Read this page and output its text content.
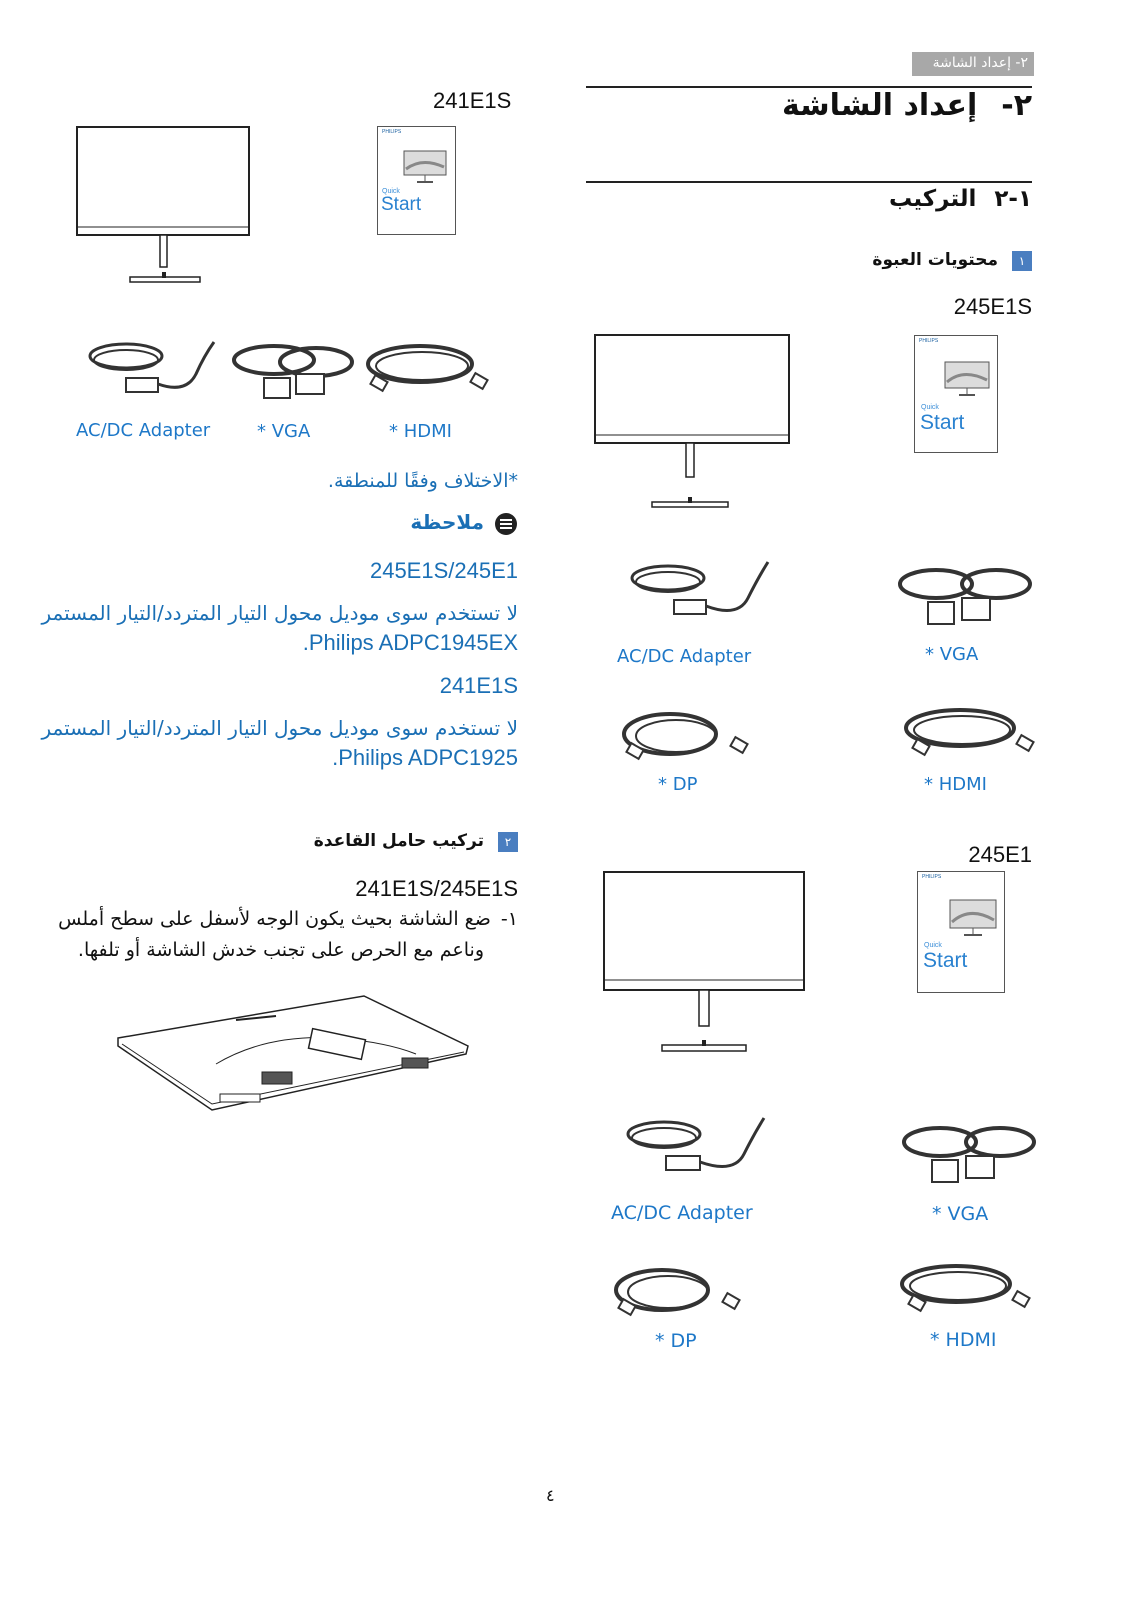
٢- إعداد الشاشة
٢-إعداد الشاشة
١-٢التركيب
١
محتويات العبوة
245E1S
PHILIPS
Quick
Start
AC/DC Adapter	* VGA
* DP	* HDMI
245E1
PHILIPS
Quick
Start
AC/DC Adapter	* VGA
* DP	* HDMI
241E1S
PHILIPS
Quick
Start
AC/DC Adapter	* VGA	* HDMI
*الاختلاف وفقًا للمنطقة.
ملاحظة
245E1S/245E1
لا تستخدم سوى موديل محول التيار المتردد/التيار المستمر
.Philips ADPC1945EX
241E1S
لا تستخدم سوى موديل محول التيار المتردد/التيار المستمر
.Philips ADPC1925
٢
تركيب حامل القاعدة
241E1S/245E1S
١-ضع الشاشة بحيث يكون الوجه لأسفل على سطح أملس
وناعم مع الحرص على تجنب خدش الشاشة أو تلفها.
٤
